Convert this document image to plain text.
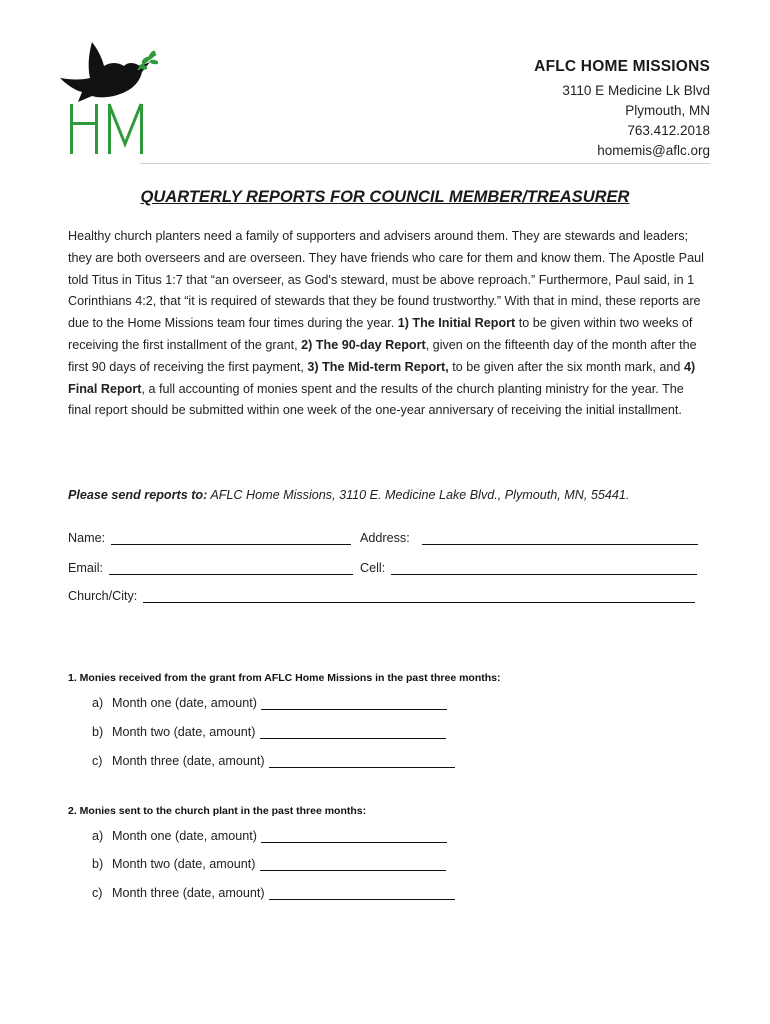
AFLC HOME MISSIONS
3110 E Medicine Lk Blvd
Plymouth, MN
763.412.2018
homemis@aflc.org
QUARTERLY REPORTS FOR COUNCIL MEMBER/TREASURER
Healthy church planters need a family of supporters and advisers around them. They are stewards and leaders; they are both overseers and are overseen. They have friends who care for them and know them. The Apostle Paul told Titus in Titus 1:7 that “an overseer, as God's steward, must be above reproach.” Furthermore, Paul said, in 1 Corinthians 4:2, that “it is required of stewards that they be found trustworthy.” With that in mind, these reports are due to the Home Missions team four times during the year. 1) The Initial Report to be given within two weeks of receiving the first installment of the grant, 2) The 90-day Report, given on the fifteenth day of the month after the first 90 days of receiving the first payment, 3) The Mid-term Report, to be given after the six month mark, and 4) Final Report, a full accounting of monies spent and the results of the church planting ministry for the year. The final report should be submitted within one week of the one-year anniversary of receiving the initial installment.
Please send reports to: AFLC Home Missions, 3110 E. Medicine Lake Blvd., Plymouth, MN, 55441.
Name:	Address:
Email:	Cell:
Church/City:
1. Monies received from the grant from AFLC Home Missions in the past three months:
a) Month one (date, amount)
b) Month two (date, amount)
c) Month three (date, amount)
2. Monies sent to the church plant in the past three months:
a) Month one (date, amount)
b) Month two (date, amount)
c) Month three (date, amount)
